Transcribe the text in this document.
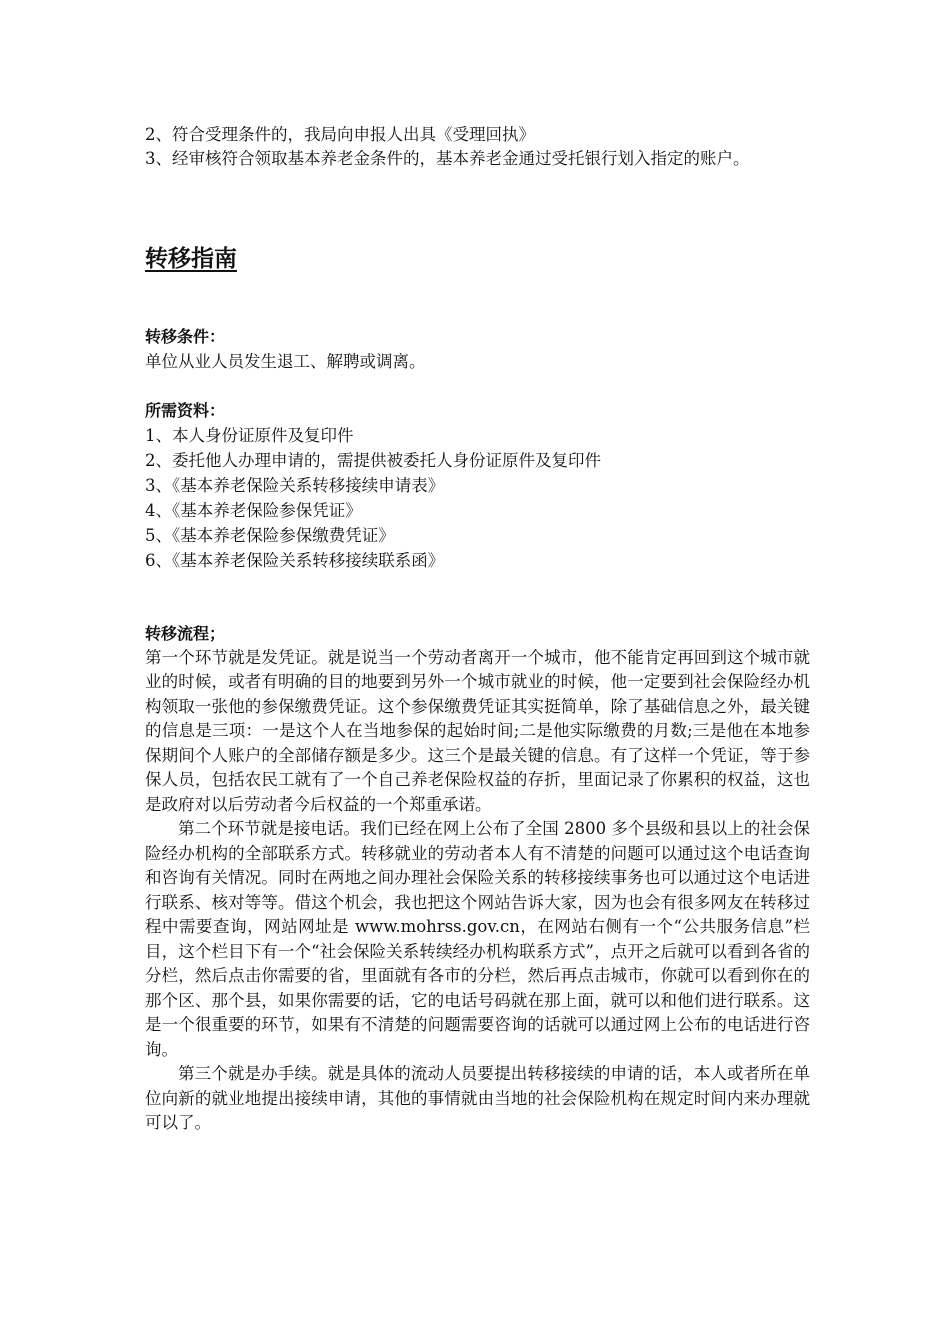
2、符合受理条件的，我局向申报人出具《受理回执》

3、经审核符合领取基本养老金条件的，基本养老金通过受托银行划入指定的账户。

转移指南

转移条件：

单位从业人员发生退工、解聘或调离。

所需资料：

1、本人身份证原件及复印件
2、委托他人办理申请的，需提供被委托人身份证原件及复印件
3、《基本养老保险关系转移接续申请表》
4、《基本养老保险参保凭证》
5、《基本养老保险参保缴费凭证》
6、《基本养老保险关系转移接续联系函》

转移流程；

第一个环节就是发凭证。就是说当一个劳动者离开一个城市，他不能肯定再回到这个城市就业的时候，或者有明确的目的地要到另外一个城市就业的时候，他一定要到社会保险经办机构领取一张他的参保缴费凭证。这个参保缴费凭证其实挺简单，除了基础信息之外，最关键的信息是三项：一是这个人在当地参保的起始时间;二是他实际缴费的月数;三是他在本地参保期间个人账户的全部储存额是多少。这三个是最关键的信息。有了这样一个凭证，等于参保人员，包括农民工就有了一个自己养老保险权益的存折，里面记录了你累积的权益，这也是政府对以后劳动者今后权益的一个郑重承诺。

第二个环节就是接电话。我们已经在网上公布了全国 2800 多个县级和县以上的社会保险经办机构的全部联系方式。转移就业的劳动者本人有不清楚的问题可以通过这个电话查询和咨询有关情况。同时在两地之间办理社会保险关系的转移接续事务也可以通过这个电话进行联系、核对等等。借这个机会，我也把这个网站告诉大家，因为也会有很多网友在转移过程中需要查询，网站网址是 www.mohrss.gov.cn，在网站右侧有一个“公共服务信息”栏目，这个栏目下有一个“社会保险关系转续经办机构联系方式”，点开之后就可以看到各省的分栏，然后点击你需要的省，里面就有各市的分栏，然后再点击城市，你就可以看到你在的那个区、那个县，如果你需要的话，它的电话号码就在那上面，就可以和他们进行联系。这是一个很重要的环节，如果有不清楚的问题需要咨询的话就可以通过网上公布的电话进行咨询。

第三个就是办手续。就是具体的流动人员要提出转移接续的申请的话，本人或者所在单位向新的就业地提出接续申请，其他的事情就由当地的社会保险机构在规定时间内来办理就可以了。
